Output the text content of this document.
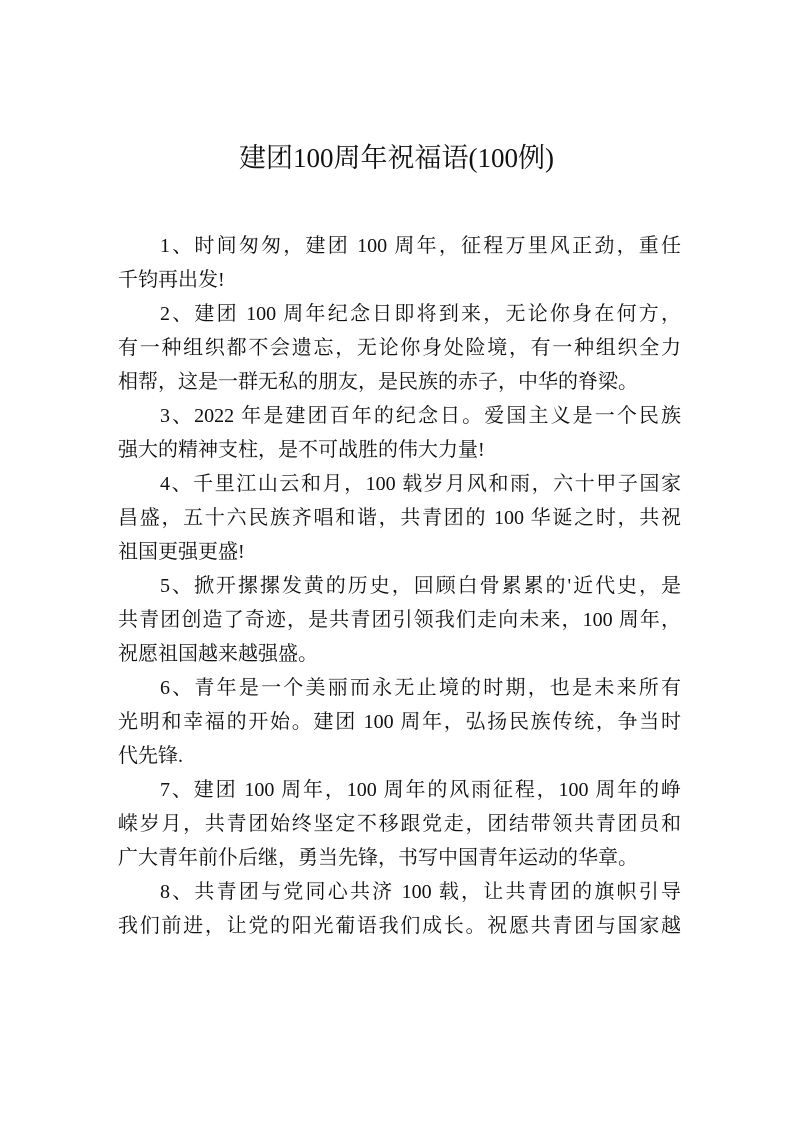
建团100周年祝福语(100例)
1、时间匆匆，建团 100 周年，征程万里风正劲，重任
千钧再出发!
2、建团 100 周年纪念日即将到来，无论你身在何方，
有一种组织都不会遗忘，无论你身处险境，有一种组织全力
相帮，这是一群无私的朋友，是民族的赤子，中华的脊梁。
3、2022 年是建团百年的纪念日。爱国主义是一个民族
强大的精神支柱，是不可战胜的伟大力量!
4、千里江山云和月，100 载岁月风和雨，六十甲子国家
昌盛，五十六民族齐唱和谐，共青团的 100 华诞之时，共祝
祖国更强更盛!
5、掀开摞摞发黄的历史，回顾白骨累累的'近代史，是
共青团创造了奇迹，是共青团引领我们走向未来，100 周年，
祝愿祖国越来越强盛。
6、青年是一个美丽而永无止境的时期，也是未来所有
光明和幸福的开始。建团 100 周年，弘扬民族传统，争当时
代先锋.
7、建团 100 周年，100 周年的风雨征程，100 周年的峥
嵘岁月，共青团始终坚定不移跟党走，团结带领共青团员和
广大青年前仆后继，勇当先锋，书写中国青年运动的华章。
8、共青团与党同心共济 100 载，让共青团的旗帜引导
我们前进，让党的阳光葡语我们成长。祝愿共青团与国家越
